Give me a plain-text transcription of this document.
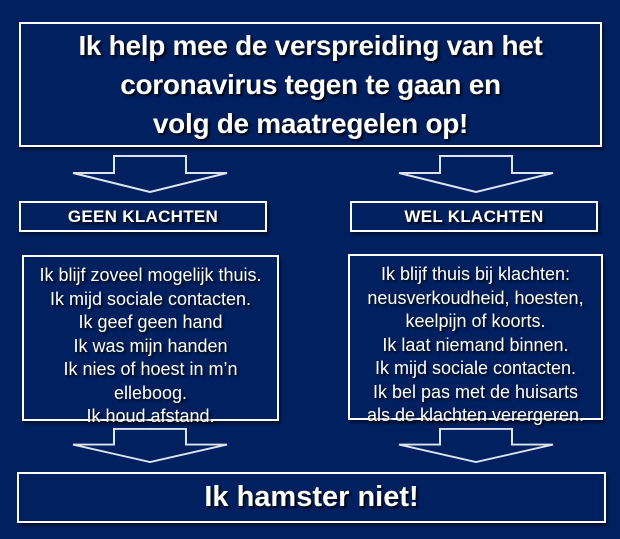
Ik help mee de verspreiding van het
coronavirus tegen te gaan en
volg de maatregelen op!
GEEN KLACHTEN	WEL KLACHTEN
Ik blijf zoveel mogelijk thuis.
Ik mijd sociale contacten.
Ik geef geen hand
Ik was mijn handen
Ik nies of hoest in m’n
elleboog.
Ik houd afstand.
Ik blijf thuis bij klachten:
neusverkoudheid, hoesten,
keelpijn of koorts.
Ik laat niemand binnen.
Ik mijd sociale contacten.
Ik bel pas met de huisarts
als de klachten verergeren.
Ik hamster niet!
